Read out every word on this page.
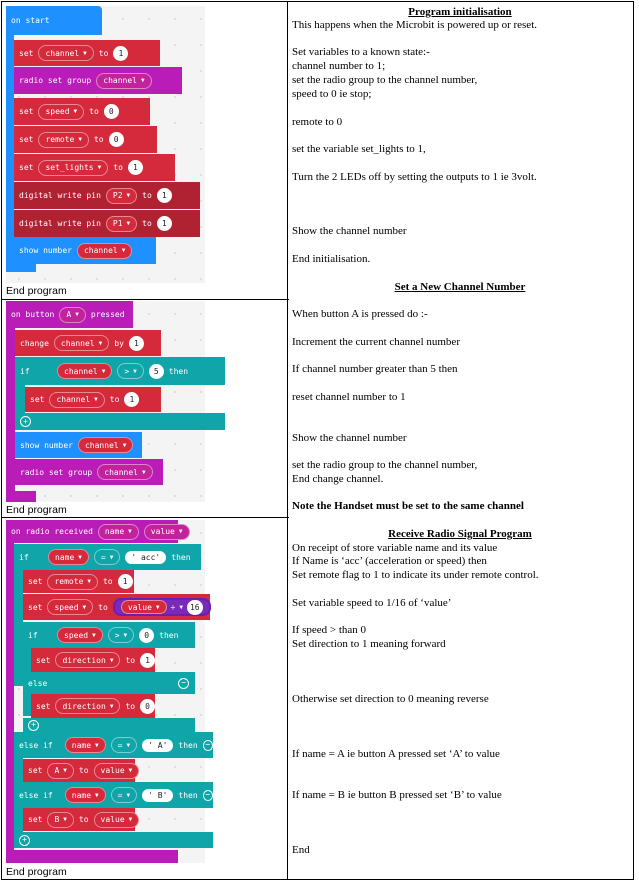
on start
set channel ▼ to	1
radio set group channel ▼
set speed ▼ to	0
set remote ▼ to	0
set set_lights ▼ to	1
digital write pin P2 ▼ to	1
digital write pin P1 ▼ to	1
show number channel ▼
End program
on button A ▼ pressed
change channel ▼ by	1
if	channel ▼ > ▼	5	then
set channel ▼ to	1
+
show number channel ▼
radio set group channel ▼
End program
on radio received name ▼ value ▼
if	name ▼ = ▼	' acc'	then
set remote ▼ to	1
set speed ▼ to	value ▼ ÷ ▼ 16
if	speed ▼ > ▼	0	then
set direction ▼ to	1
else	−
set direction ▼ to	0
+
else if	name ▼ = ▼	' A'	then −
set A ▼ to value ▼
else if	name ▼ = ▼	' B'	then −
set B ▼ to value ▼
+
End program
Program initialisation
This happens when the Microbit is powered up or reset.
Set variables to a known state:-
channel number to 1;
set the radio group to the channel number,
speed to 0 ie stop;
remote to 0
set the variable set_lights to 1,
Turn the 2 LEDs off by setting the outputs to 1 ie 3volt.
Show the channel number
End initialisation.
Set a New Channel Number
When button A is pressed do :-
Increment the current channel number
If channel number greater than 5 then
reset channel number to 1
Show the channel number
set the radio group to the channel number,
End change channel.
Note the Handset must be set to the same channel
Receive Radio Signal Program
On receipt of store variable name and its value
If Name is ‘acc’ (acceleration or speed) then
Set remote flag to 1 to indicate its under remote control.
Set variable speed to 1/16 of ‘value’
If speed > than 0
Set direction to 1 meaning forward
Otherwise set direction to 0 meaning reverse
If name = A ie button A pressed set ‘A’ to value
If name = B ie button B pressed set ‘B’ to value
End
